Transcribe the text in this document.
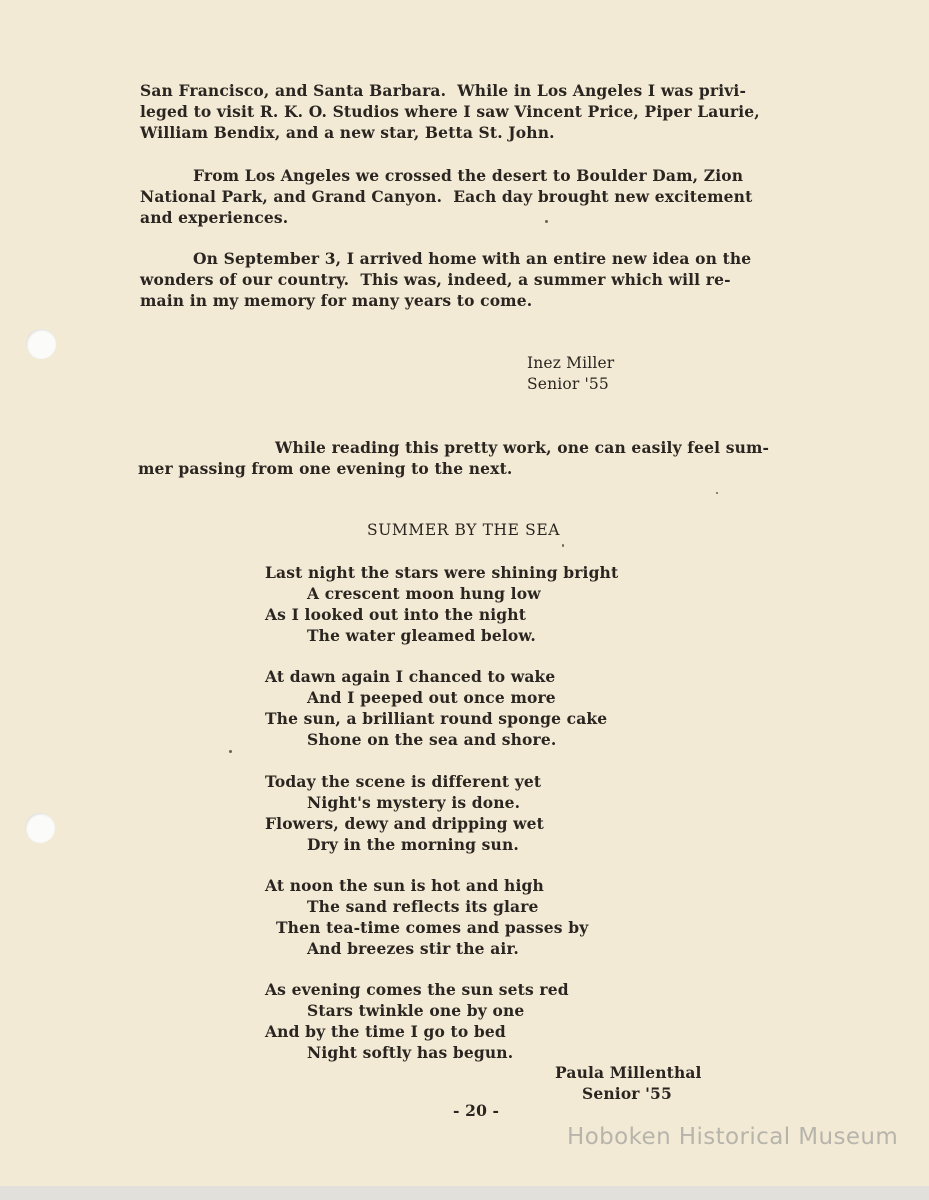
San Francisco, and Santa Barbara.  While in Los Angeles I was privi-
leged to visit R. K. O. Studios where I saw Vincent Price, Piper Laurie,
William Bendix, and a new star, Betta St. John.
From Los Angeles we crossed the desert to Boulder Dam, Zion
National Park, and Grand Canyon.  Each day brought new excitement
and experiences.
On September 3, I arrived home with an entire new idea on the
wonders of our country.  This was, indeed, a summer which will re-
main in my memory for many years to come.
Inez Miller
Senior '55
While reading this pretty work, one can easily feel sum-
mer passing from one evening to the next.
SUMMER BY THE SEA
Last night the stars were shining bright
A crescent moon hung low
As I looked out into the night
The water gleamed below.
At dawn again I chanced to wake
And I peeped out once more
The sun, a brilliant round sponge cake
Shone on the sea and shore.
Today the scene is different yet
Night's mystery is done.
Flowers, dewy and dripping wet
Dry in the morning sun.
At noon the sun is hot and high
The sand reflects its glare
Then tea-time comes and passes by
And breezes stir the air.
As evening comes the sun sets red
Stars twinkle one by one
And by the time I go to bed
Night softly has begun.
Paula Millenthal
Senior '55
- 20 -
Hoboken Historical Museum
